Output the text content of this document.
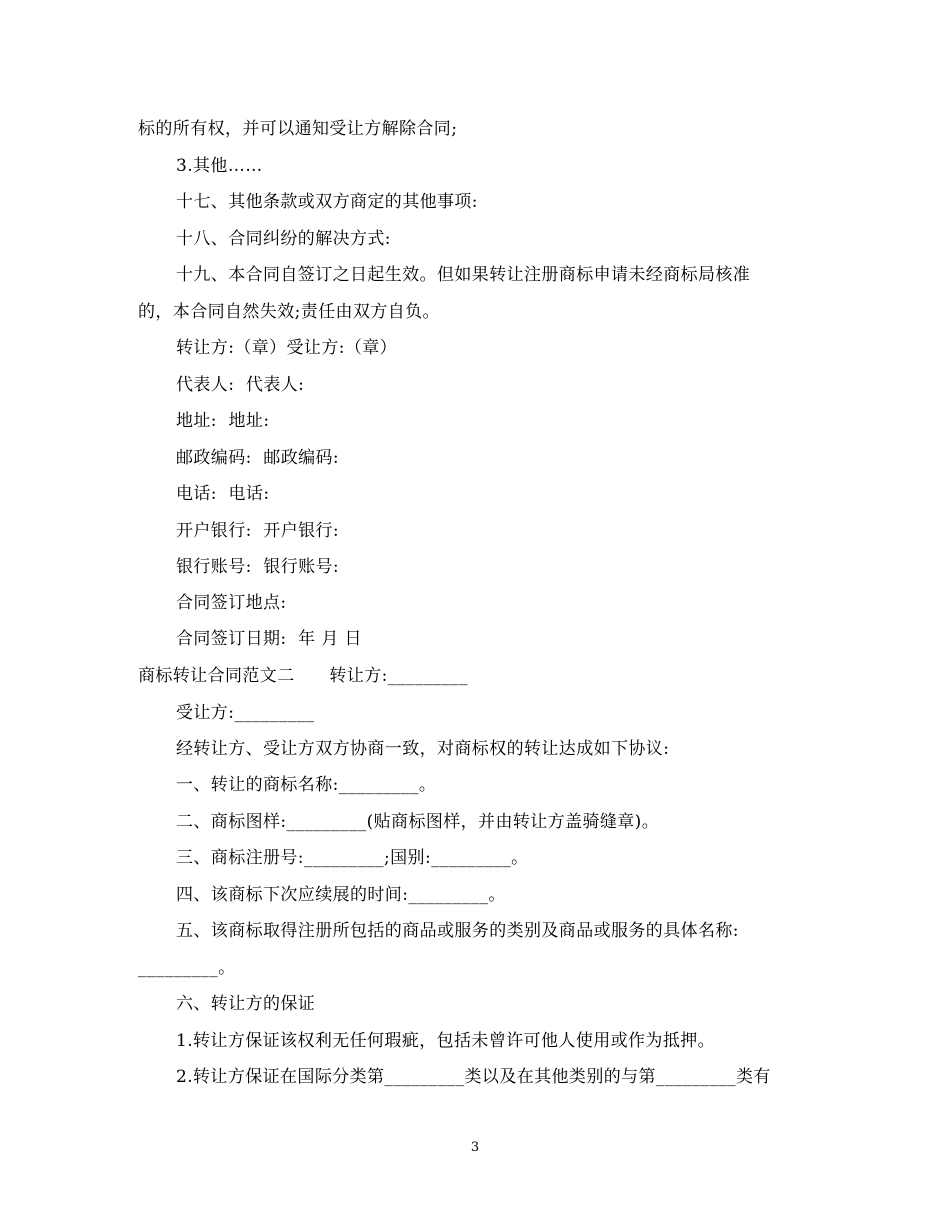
标的所有权，并可以通知受让方解除合同;
3.其他……
十七、其他条款或双方商定的其他事项:
十八、合同纠纷的解决方式:
十九、本合同自签订之日起生效。但如果转让注册商标申请未经商标局核准
的，本合同自然失效;责任由双方自负。
转让方:（章）受让方:（章）
代表人:  代表人:
地址:  地址:
邮政编码:  邮政编码:
电话:  电话:
开户银行:  开户银行:
银行账号:  银行账号:
合同签订地点:
合同签订日期:  年 月 日
商标转让合同范文二      转让方:_________
受让方:_________
经转让方、受让方双方协商一致，对商标权的转让达成如下协议:
一、转让的商标名称:_________。
二、商标图样:_________(贴商标图样，并由转让方盖骑缝章)。
三、商标注册号:_________;国别:_________。
四、该商标下次应续展的时间:_________。
五、该商标取得注册所包括的商品或服务的类别及商品或服务的具体名称:
_________。
六、转让方的保证
1.转让方保证该权利无任何瑕疵，包括未曾许可他人使用或作为抵押。
2.转让方保证在国际分类第_________类以及在其他类别的与第_________类有
3
